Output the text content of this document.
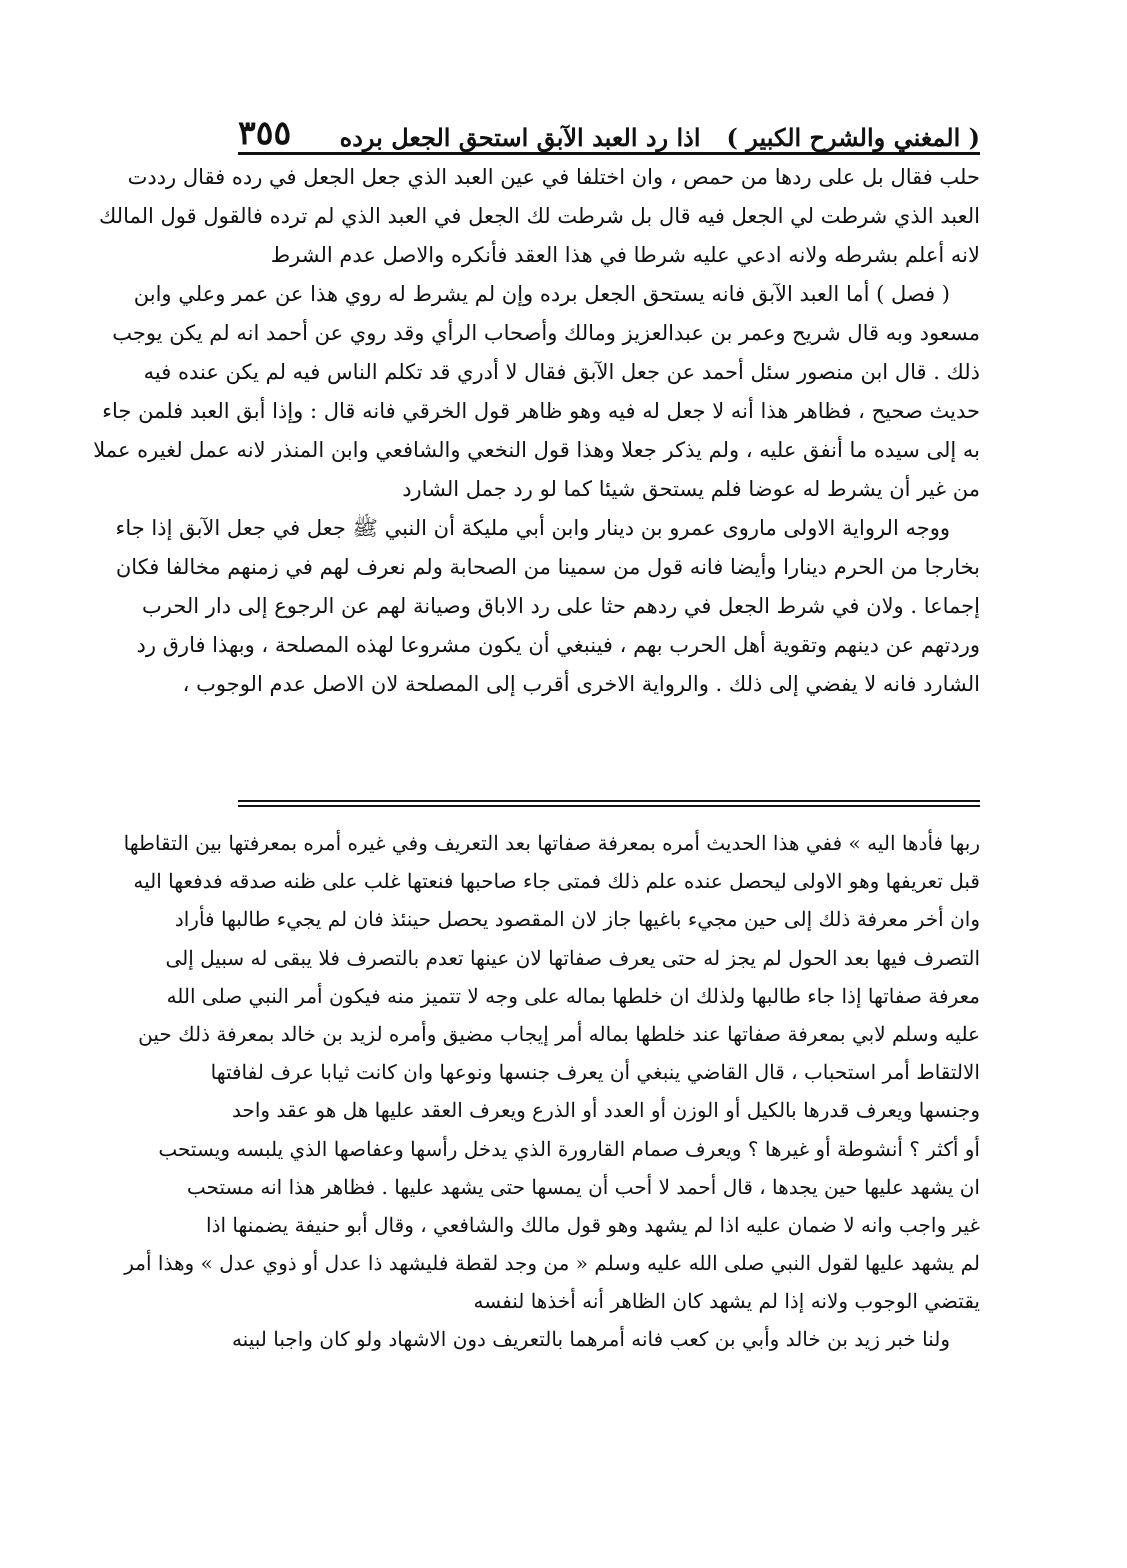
( المغني والشرح الكبير )اذا رد العبد الآبق استحق الجعل برده
٣٥٥
حلب فقال بل على ردها من حمص ، وان اختلفا في عين العبد الذي جعل الجعل في رده فقال رددت
العبد الذي شرطت لي الجعل فيه قال بل شرطت لك الجعل في العبد الذي لم ترده فالقول قول المالك
لانه أعلم بشرطه ولانه ادعي عليه شرطا في هذا العقد فأنكره والاصل عدم الشرط
( فصل ) أما العبد الآبق فانه يستحق الجعل برده وإن لم يشرط له روي هذا عن عمر وعلي وابن
مسعود وبه قال شريح وعمر بن عبدالعزيز ومالك وأصحاب الرأي وقد روي عن أحمد انه لم يكن يوجب
ذلك . قال ابن منصور سئل أحمد عن جعل الآبق فقال لا أدري قد تكلم الناس فيه لم يكن عنده فيه
حديث صحيح ، فظاهر هذا أنه لا جعل له فيه وهو ظاهر قول الخرقي فانه قال : وإذا أبق العبد فلمن جاء
به إلى سيده ما أنفق عليه ، ولم يذكر جعلا وهذا قول النخعي والشافعي وابن المنذر لانه عمل لغيره عملا
من غير أن يشرط له عوضا فلم يستحق شيئا كما لو رد جمل الشارد
ووجه الرواية الاولى ماروى عمرو بن دينار وابن أبي مليكة أن النبي ﷺ جعل في جعل الآبق إذا جاء
بخارجا من الحرم دينارا وأيضا فانه قول من سمينا من الصحابة ولم نعرف لهم في زمنهم مخالفا فكان
إجماعا . ولان في شرط الجعل في ردهم حثا على رد الاباق وصيانة لهم عن الرجوع إلى دار الحرب
وردتهم عن دينهم وتقوية أهل الحرب بهم ، فينبغي أن يكون مشروعا لهذه المصلحة ، وبهذا فارق رد
الشارد فانه لا يفضي إلى ذلك . والرواية الاخرى أقرب إلى المصلحة لان الاصل عدم الوجوب ،
ربها فأدها اليه » ففي هذا الحديث أمره بمعرفة صفاتها بعد التعريف وفي غيره أمره بمعرفتها بين التقاطها
قبل تعريفها وهو الاولى ليحصل عنده علم ذلك فمتى جاء صاحبها فنعتها غلب على ظنه صدقه فدفعها اليه
وان أخر معرفة ذلك إلى حين مجيء باغيها جاز لان المقصود يحصل حينئذ فان لم يجيء طالبها فأراد
التصرف فيها بعد الحول لم يجز له حتى يعرف صفاتها لان عينها تعدم بالتصرف فلا يبقى له سبيل إلى
معرفة صفاتها إذا جاء طالبها ولذلك ان خلطها بماله على وجه لا تتميز منه فيكون أمر النبي صلى الله
عليه وسلم لابي بمعرفة صفاتها عند خلطها بماله أمر إيجاب مضيق وأمره لزيد بن خالد بمعرفة ذلك حين
الالتقاط أمر استحباب ، قال القاضي ينبغي أن يعرف جنسها ونوعها وان كانت ثيابا عرف لفافتها
وجنسها ويعرف قدرها بالكيل أو الوزن أو العدد أو الذرع ويعرف العقد عليها هل هو عقد واحد
أو أكثر ؟ أنشوطة أو غيرها ؟ ويعرف صمام القارورة الذي يدخل رأسها وعفاصها الذي يلبسه ويستحب
ان يشهد عليها حين يجدها ، قال أحمد لا أحب أن يمسها حتى يشهد عليها . فظاهر هذا انه مستحب
غير واجب وانه لا ضمان عليه اذا لم يشهد وهو قول مالك والشافعي ، وقال أبو حنيفة يضمنها اذا
لم يشهد عليها لقول النبي صلى الله عليه وسلم « من وجد لقطة فليشهد ذا عدل أو ذوي عدل » وهذا أمر
يقتضي الوجوب ولانه إذا لم يشهد كان الظاهر أنه أخذها لنفسه
ولنا خبر زيد بن خالد وأبي بن كعب فانه أمرهما بالتعريف دون الاشهاد ولو كان واجبا لبينه
